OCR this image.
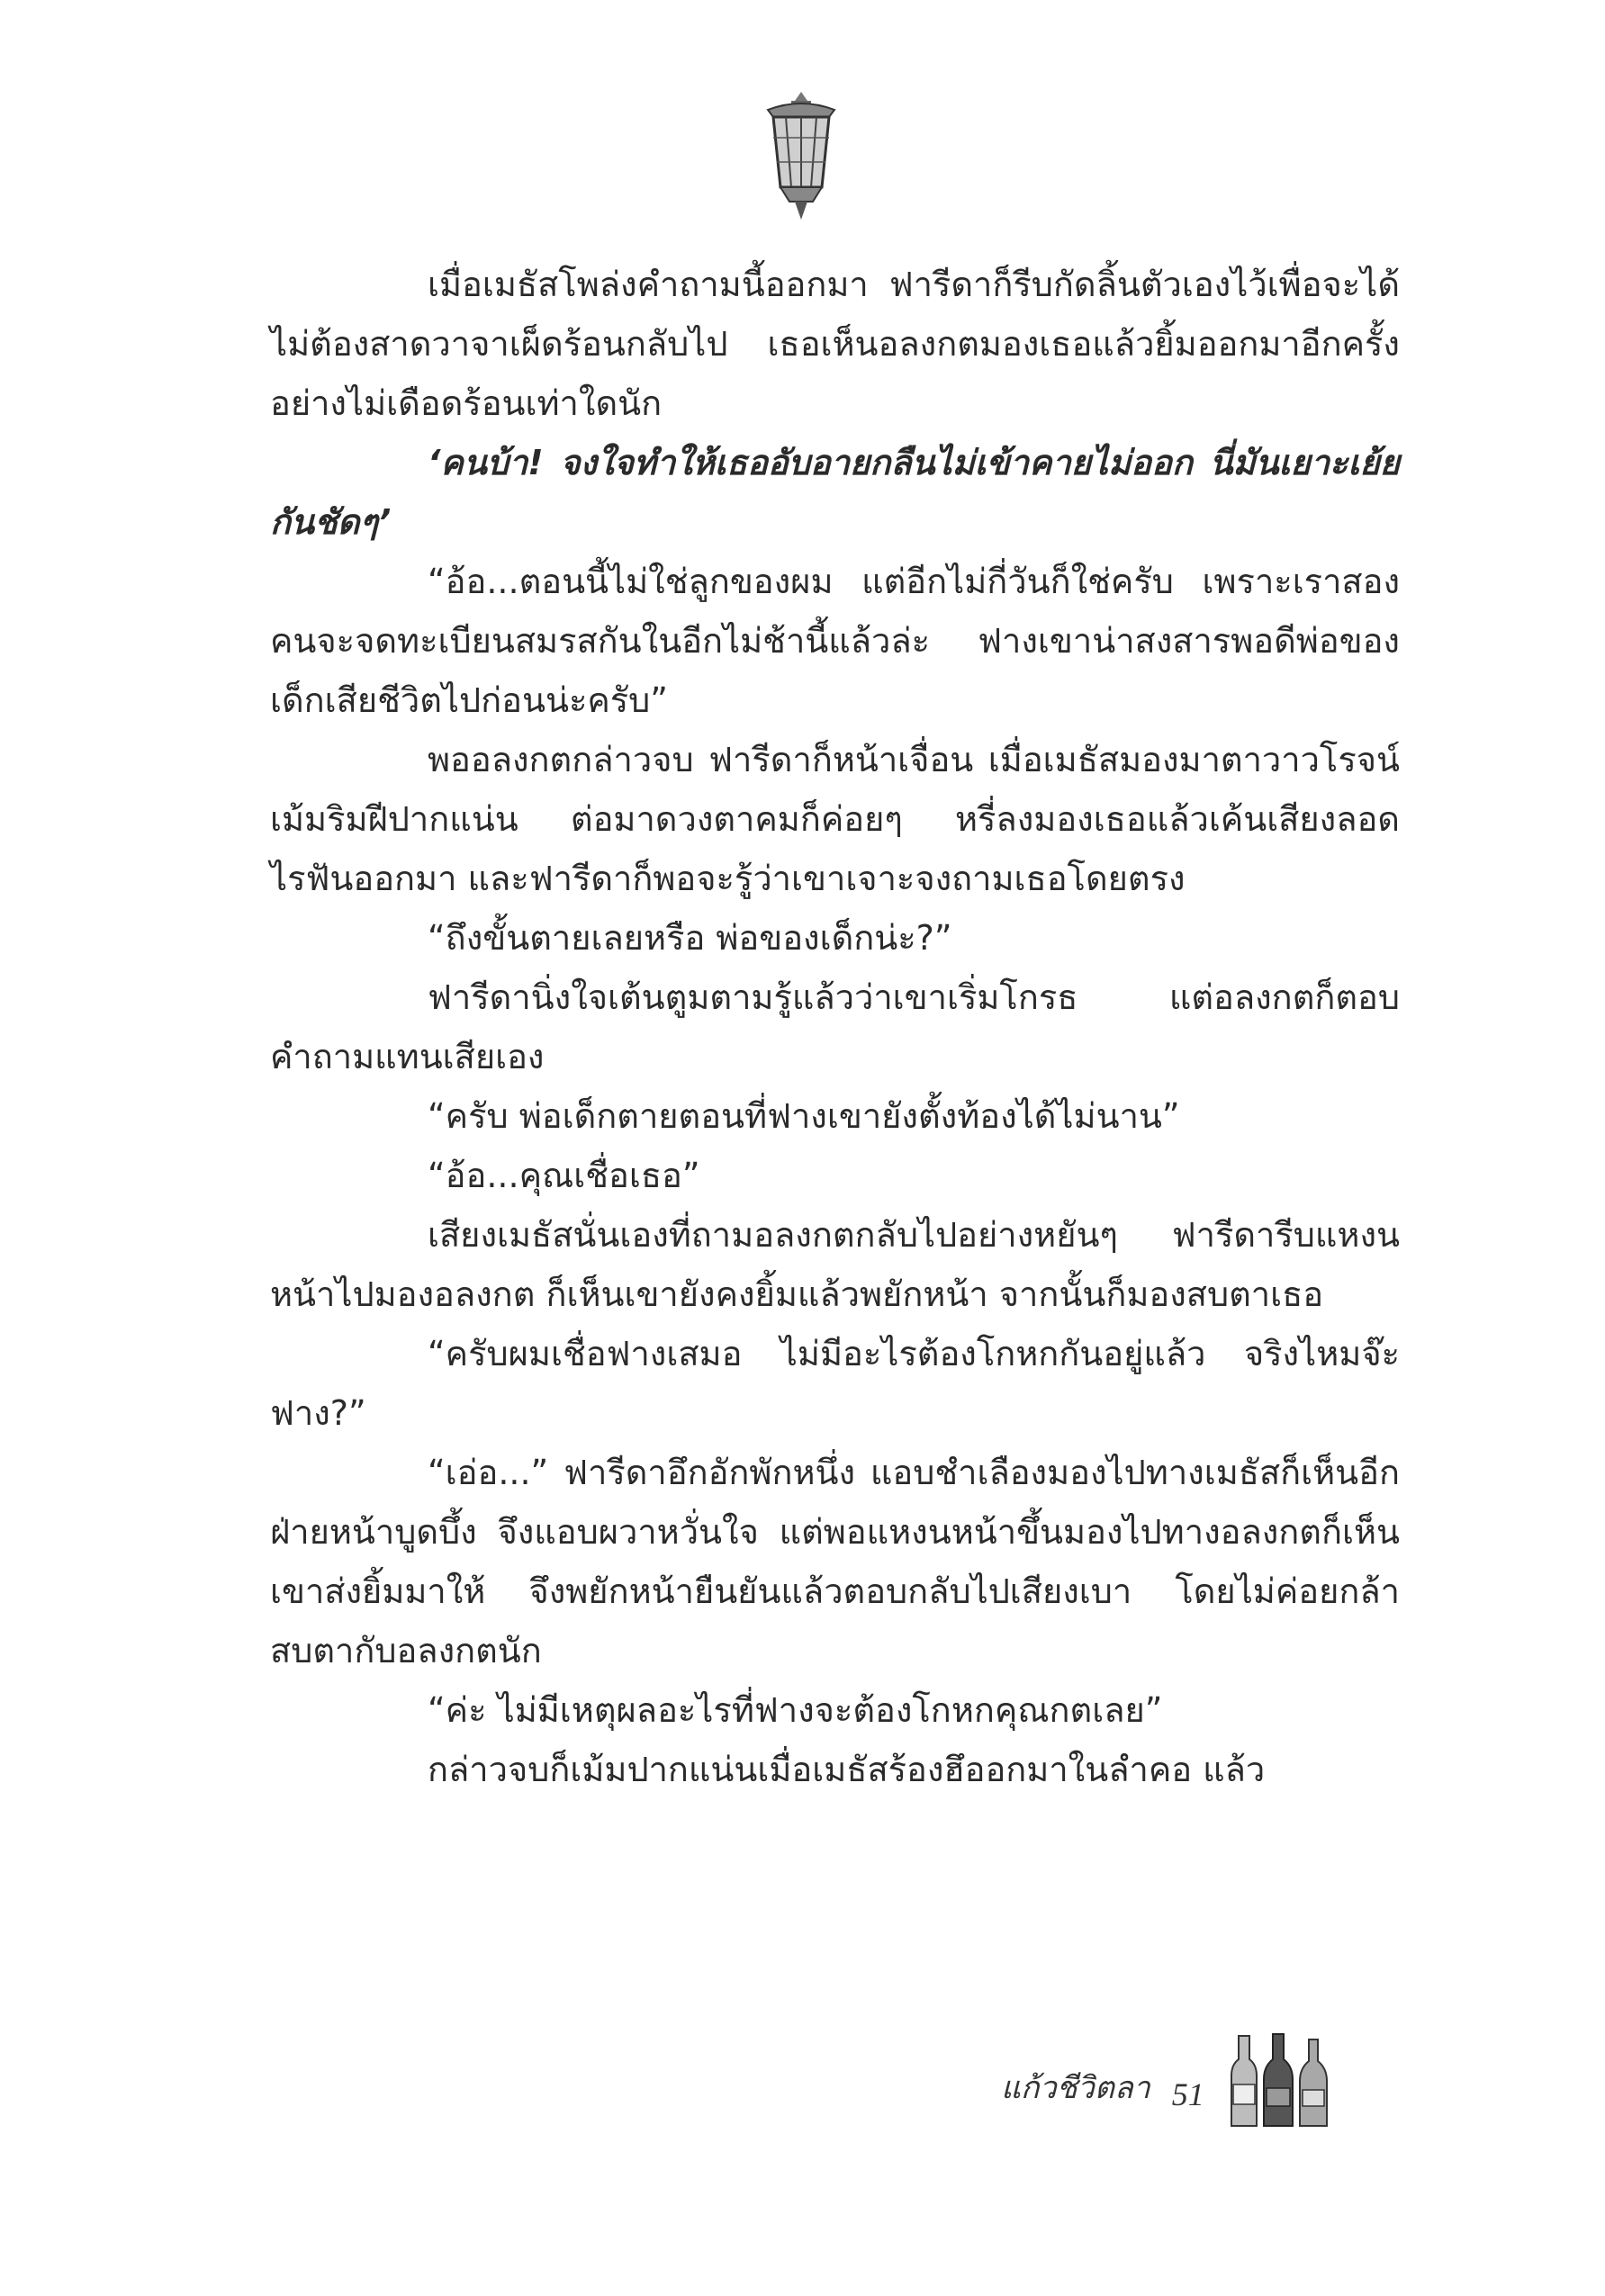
เมื่อเมธัสโพล่งคำถามนี้ออกมา ฟารีดาก็รีบกัดลิ้นตัวเองไว้เพื่อจะได้ไม่ต้องสาดวาจาเผ็ดร้อนกลับไป เธอเห็นอลงกตมองเธอแล้วยิ้มออกมาอีกครั้งอย่างไม่เดือดร้อนเท่าใดนัก

‘คนบ้า! จงใจทำให้เธออับอายกลืนไม่เข้าคายไม่ออก นี่มันเยาะเย้ยกันชัดๆ’

“อ้อ...ตอนนี้ไม่ใช่ลูกของผม แต่อีกไม่กี่วันก็ใช่ครับ เพราะเราสองคนจะจดทะเบียนสมรสกันในอีกไม่ช้านี้แล้วล่ะ ฟางเขาน่าสงสารพอดีพ่อของเด็กเสียชีวิตไปก่อนน่ะครับ”

พออลงกตกล่าวจบ ฟารีดาก็หน้าเจื่อน เมื่อเมธัสมองมาตาวาวโรจน์ เม้มริมฝีปากแน่น ต่อมาดวงตาคมก็ค่อยๆ หรี่ลงมองเธอแล้วเค้นเสียงลอดไรฟันออกมา และฟารีดาก็พอจะรู้ว่าเขาเจาะจงถามเธอโดยตรง

“ถึงขั้นตายเลยหรือ พ่อของเด็กน่ะ?”

ฟารีดานิ่งใจเต้นตูมตามรู้แล้วว่าเขาเริ่มโกรธ แต่อลงกตก็ตอบคำถามแทนเสียเอง

“ครับ พ่อเด็กตายตอนที่ฟางเขายังตั้งท้องได้ไม่นาน”

“อ้อ...คุณเชื่อเธอ”

เสียงเมธัสนั่นเองที่ถามอลงกตกลับไปอย่างหยันๆ ฟารีดารีบแหงนหน้าไปมองอลงกต ก็เห็นเขายังคงยิ้มแล้วพยักหน้า จากนั้นก็มองสบตาเธอ

“ครับผมเชื่อฟางเสมอ ไม่มีอะไรต้องโกหกกันอยู่แล้ว จริงไหมจ๊ะฟาง?”

“เอ่อ...” ฟารีดาอึกอักพักหนึ่ง แอบชำเลืองมองไปทางเมธัสก็เห็นอีกฝ่ายหน้าบูดบึ้ง จึงแอบผวาหวั่นใจ แต่พอแหงนหน้าขึ้นมองไปทางอลงกตก็เห็นเขาส่งยิ้มมาให้ จึงพยักหน้ายืนยันแล้วตอบกลับไปเสียงเบา โดยไม่ค่อยกล้าสบตากับอลงกตนัก

“ค่ะ ไม่มีเหตุผลอะไรที่ฟางจะต้องโกหกคุณกตเลย”

กล่าวจบก็เม้มปากแน่นเมื่อเมธัสร้องฮึออกมาในลำคอ แล้ว

แก้วชีวิตลา 51
